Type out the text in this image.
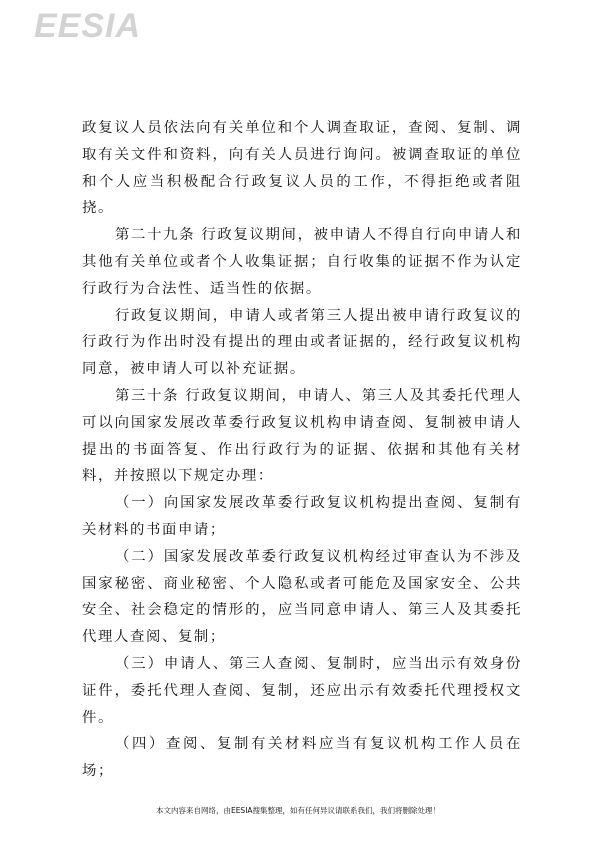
EESIA

政复议人员依法向有关单位和个人调查取证，查阅、复制、调取有关文件和资料，向有关人员进行询问。被调查取证的单位和个人应当积极配合行政复议人员的工作，不得拒绝或者阻挠。

第二十九条 行政复议期间，被申请人不得自行向申请人和其他有关单位或者个人收集证据；自行收集的证据不作为认定行政行为合法性、适当性的依据。

行政复议期间，申请人或者第三人提出被申请行政复议的行政行为作出时没有提出的理由或者证据的，经行政复议机构同意，被申请人可以补充证据。

第三十条 行政复议期间，申请人、第三人及其委托代理人可以向国家发展改革委行政复议机构申请查阅、复制被申请人提出的书面答复、作出行政行为的证据、依据和其他有关材料，并按照以下规定办理：

（一）向国家发展改革委行政复议机构提出查阅、复制有关材料的书面申请；

（二）国家发展改革委行政复议机构经过审查认为不涉及国家秘密、商业秘密、个人隐私或者可能危及国家安全、公共安全、社会稳定的情形的，应当同意申请人、第三人及其委托代理人查阅、复制；

（三）申请人、第三人查阅、复制时，应当出示有效身份证件，委托代理人查阅、复制，还应出示有效委托代理授权文件。

（四）查阅、复制有关材料应当有复议机构工作人员在场；

本文内容来自网络，由EESIA搜集整理，如有任何异议请联系我们，我们将删除处理！
